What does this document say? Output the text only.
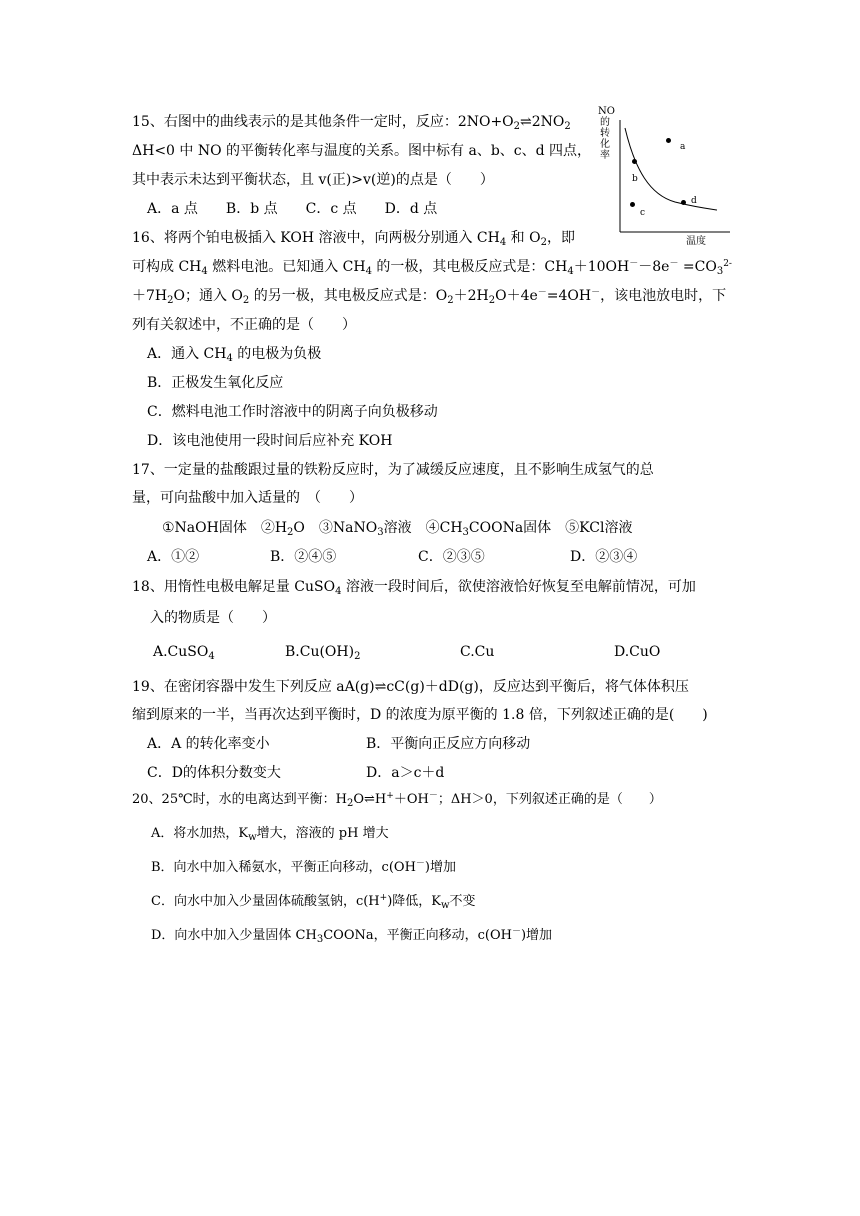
15、右图中的曲线表示的是其他条件一定时，反应：$2NO+O_2\rightleftharpoons 2NO_2$
ΔH<0 中 NO 的平衡转化率与温度的关系。图中标有 a、b、c、d 四点，
其中表示未达到平衡状态，且 v(正)>v(逆)的点是（　　）
A．a 点　　B．b 点　　C．c 点　　D．d 点
NO的转化率
温度
a
b
c
d
16、将两个铂电极插入 KOH 溶液中，向两极分别通入 $CH_4$ 和 $O_2$，即
可构成 $CH_4$ 燃料电池。已知通入 $CH_4$ 的一极，其电极反应式是：$CH_4+10OH^--8e^- =CO_3^{2-}$
$+7H_2O$；通入 $O_2$ 的另一极，其电极反应式是：$O_2+2H_2O+4e^-=4OH^-$，该电池放电时，下
列有关叙述中，不正确的是（　　）
A．通入 $CH_4$ 的电极为负极
B．正极发生氧化反应
C．燃料电池工作时溶液中的阴离子向负极移动
D．该电池使用一段时间后应补充 KOH
17、一定量的盐酸跟过量的铁粉反应时，为了减缓反应速度，且不影响生成氢气的总
量，可向盐酸中加入适量的　（　　）
①NaOH固体　$②H_2O$　③NaNO$_3$溶液　$④CH_3COONa$固体　⑤KCl溶液
A．①②	B．②④⑤	C．②③⑤	D．②③④
18、用惰性电极电解足量 CuSO$_4$ 溶液一段时间后，欲使溶液恰好恢复至电解前情况，可加
入的物质是（　　）
A.CuSO$_4$	$B.Cu(OH)_2$	C.Cu	D.CuO
19、在密闭容器中发生下列反应 aA(g)⇌cC(g)＋dD(g)，反应达到平衡后，将气体体积压
缩到原来的一半，当再次达到平衡时，D 的浓度为原平衡的 1.8 倍，下列叙述正确的是(　　)
A．A 的转化率变小	B．平衡向正反应方向移动
C．D的体积分数变大	D．a＞c＋d
20、25℃时，水的电离达到平衡：$H_2O\rightleftharpoons H^++OH^-$；ΔH＞0，下列叙述正确的是（　　）
A．将水加热，$K_w$增大，溶液的 pH 增大
B．向水中加入稀氨水，平衡正向移动，c(OH－)增加
C．向水中加入少量固体硫酸氢钠，c(H+)降低，$K_w$不变
D．向水中加入少量固体 $CH_3COONa$，平衡正向移动，c(OH－)增加
